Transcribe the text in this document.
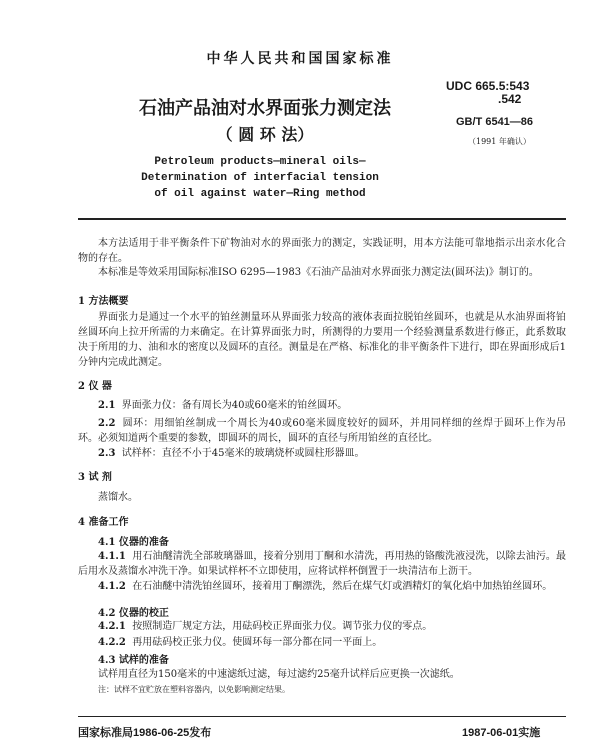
中华人民共和国国家标准
石油产品油对水界面张力测定法
（ 圆 环 法）
Petroleum products—mineral oils—
Determination of interfacial tension
of oil against water—Ring method
UDC 665.5:543
.542
GB/T 6541—86
（1991 年确认）
本方法适用于非平衡条件下矿物油对水的界面张力的测定，实践证明，用本方法能可靠地指示出亲水化合物的存在。
本标准是等效采用国际标准ISO 6295—1983《石油产品油对水界面张力测定法(圆环法)》制订的。
1 方法概要
界面张力是通过一个水平的铂丝测量环从界面张力较高的液体表面拉脱铂丝圆环，也就是从水油界面将铂丝圆环向上拉开所需的力来确定。在计算界面张力时，所测得的力要用一个经验测量系数进行修正，此系数取决于所用的力、油和水的密度以及圆环的直径。测量是在严格、标准化的非平衡条件下进行，即在界面形成后1分钟内完成此测定。
2 仪 器
2.1 界面张力仪：备有周长为40或60毫米的铂丝圆环。
2.2 圆环：用细铂丝制成一个周长为40或60毫米圆度较好的圆环，并用同样细的丝焊于圆环上作为吊环。必须知道两个重要的参数，即圆环的周长，圆环的直径与所用铂丝的直径比。
2.3 试样杯：直径不小于45毫米的玻璃烧杯或圆柱形器皿。
3 试 剂
蒸馏水。
4 准备工作
4.1 仪器的准备
4.1.1 用石油醚清洗全部玻璃器皿，接着分别用丁酮和水清洗，再用热的铬酸洗液浸洗，以除去油污。最后用水及蒸馏水冲洗干净。如果试样杯不立即使用，应将试样杯倒置于一块清洁布上沥干。
4.1.2 在石油醚中清洗铂丝圆环，接着用丁酮漂洗，然后在煤气灯或酒精灯的氧化焰中加热铂丝圆环。
4.2 仪器的校正
4.2.1 按照制造厂规定方法，用砝码校正界面张力仪。调节张力仪的零点。
4.2.2 再用砝码校正张力仪。使圆环每一部分都在同一平面上。
4.3 试样的准备
试样用直径为150毫米的中速滤纸过滤，每过滤约25毫升试样后应更换一次滤纸。
注：试样不宜贮放在塑料容器内，以免影响测定结果。
国家标准局1986-06-25发布	1987-06-01实施
